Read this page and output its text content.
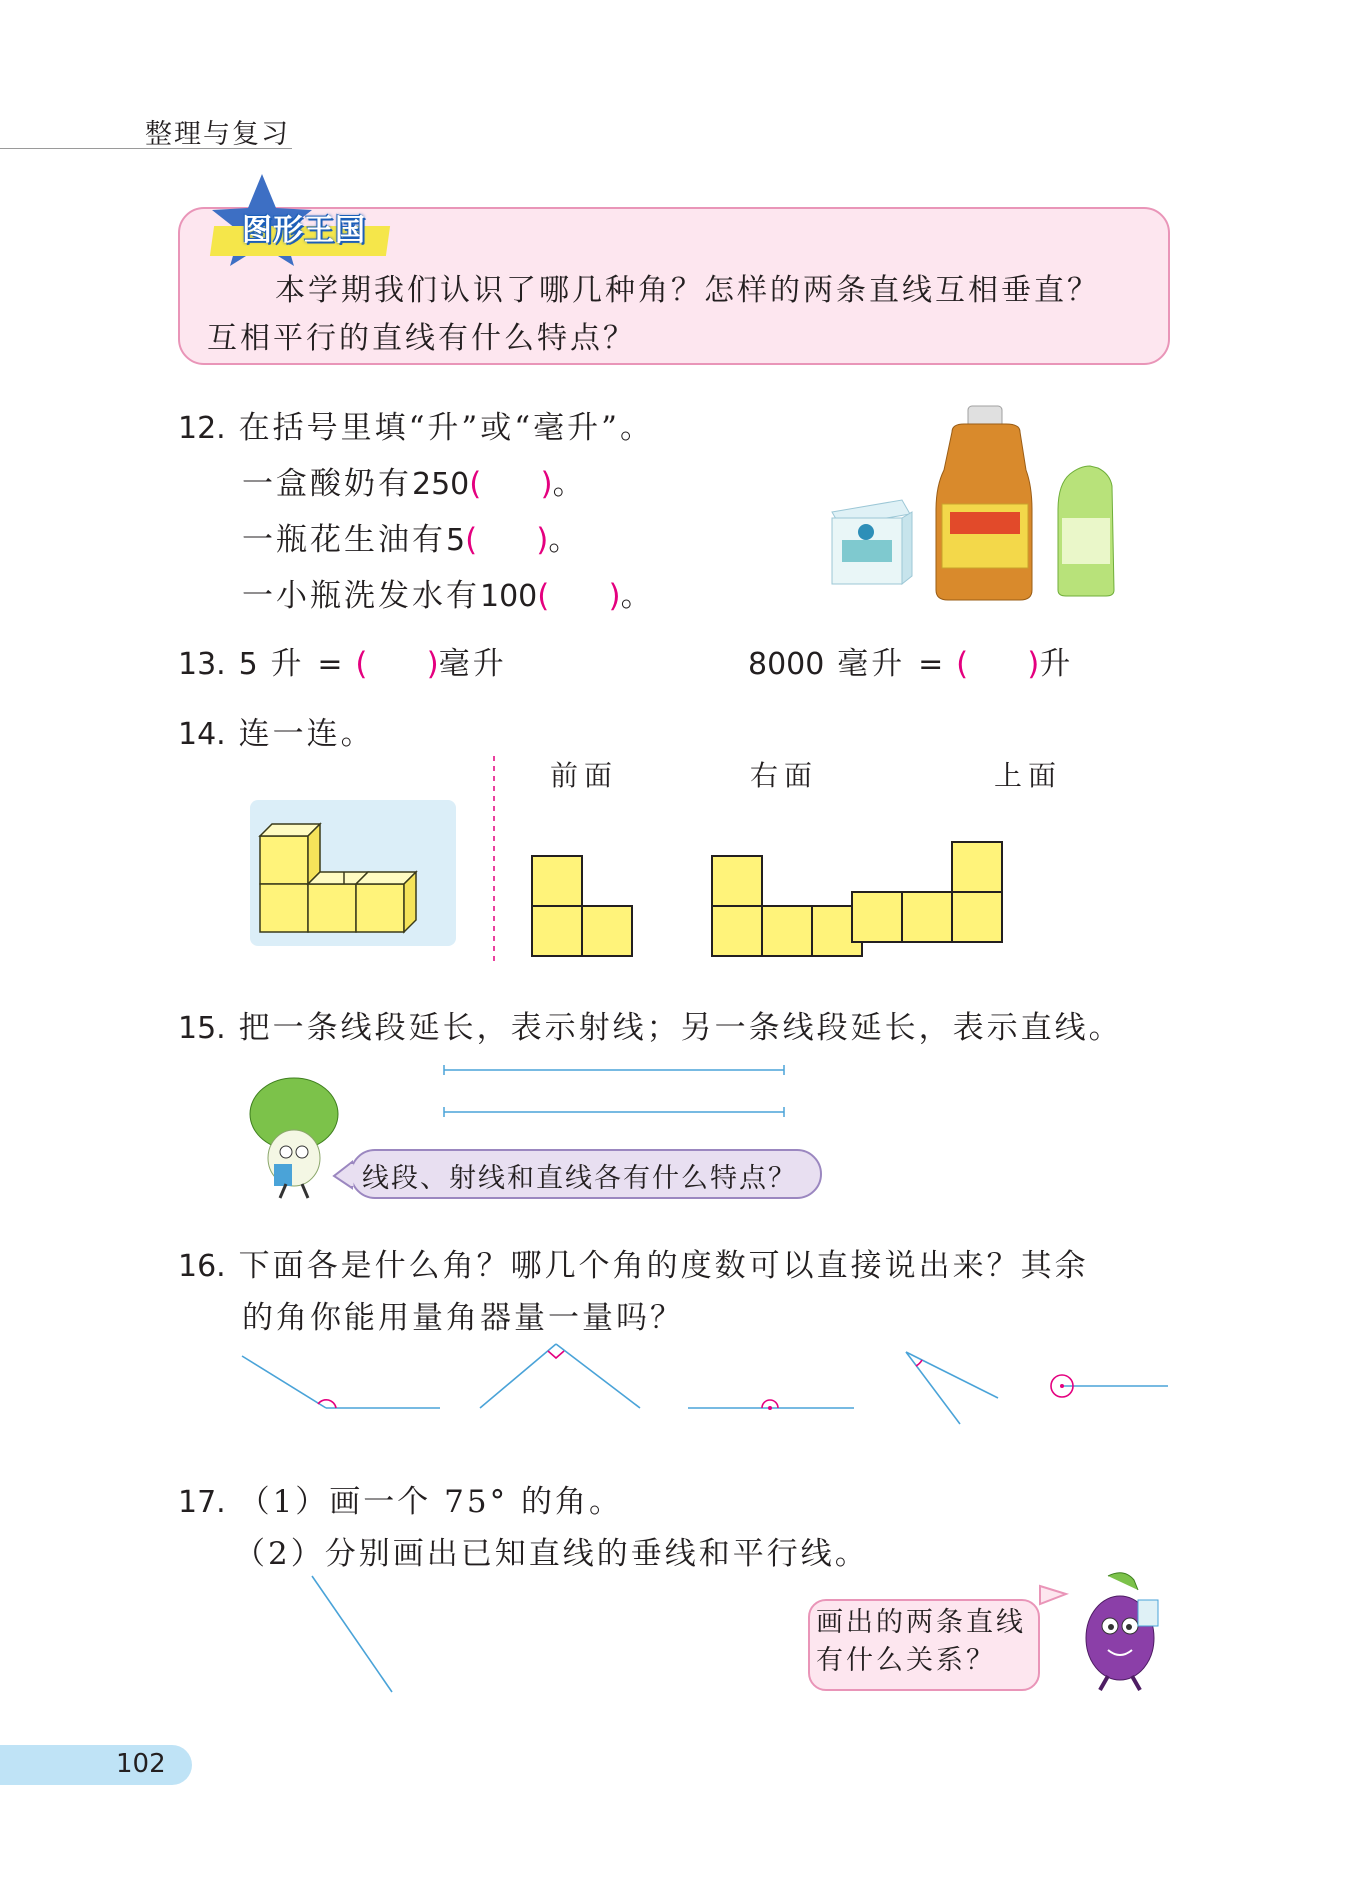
整理与复习
图形王国
本学期我们认识了哪几种角？怎样的两条直线互相垂直？
互相平行的直线有什么特点？
12. 在括号里填“升”或“毫升”。
一盒酸奶有250(      )。
一瓶花生油有5(      )。
一小瓶洗发水有100(      )。
13. 5 升 = (      )毫升	8000 毫升 = (      )升
14. 连一连。
前面	右面	上面
15. 把一条线段延长，表示射线；另一条线段延长，表示直线。
线段、射线和直线各有什么特点？
16. 下面各是什么角？哪几个角的度数可以直接说出来？其余
的角你能用量角器量一量吗？
17. （1）画一个 75° 的角。
（2）分别画出已知直线的垂线和平行线。
画出的两条直线
有什么关系？
102
